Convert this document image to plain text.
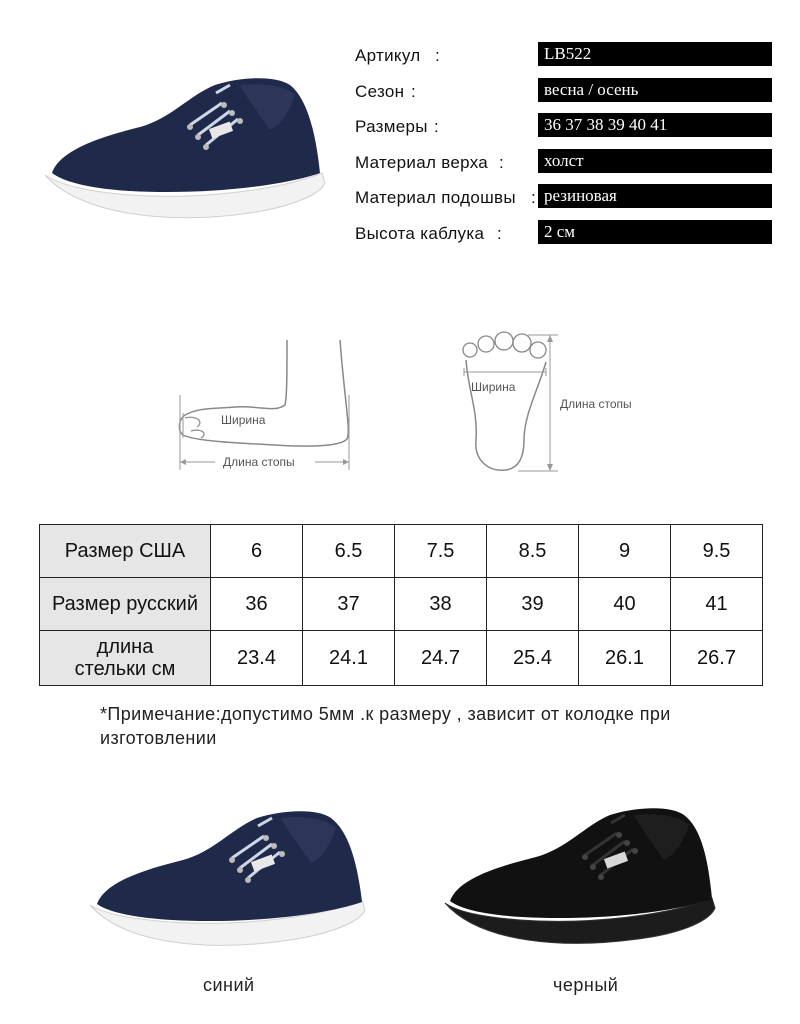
Артикул :	LB522
Сезон :	весна / осень
Размеры :	36 37 38 39 40 41
Материал верха :	холст
Материал подошвы : резиновая
Высота каблука :	2 см
Ширина
Длина стопы
Ширина
Длина стопы
Размер США	6	6.5	7.5	8.5	9	9.5
Размер русский	36	37	38	39	40	41
длина
стельки см	23.4	24.1	24.7	25.4	26.1	26.7
*Примечание:допустимо 5мм .к размеру , зависит от колодке при изготовлении
синий	черный
